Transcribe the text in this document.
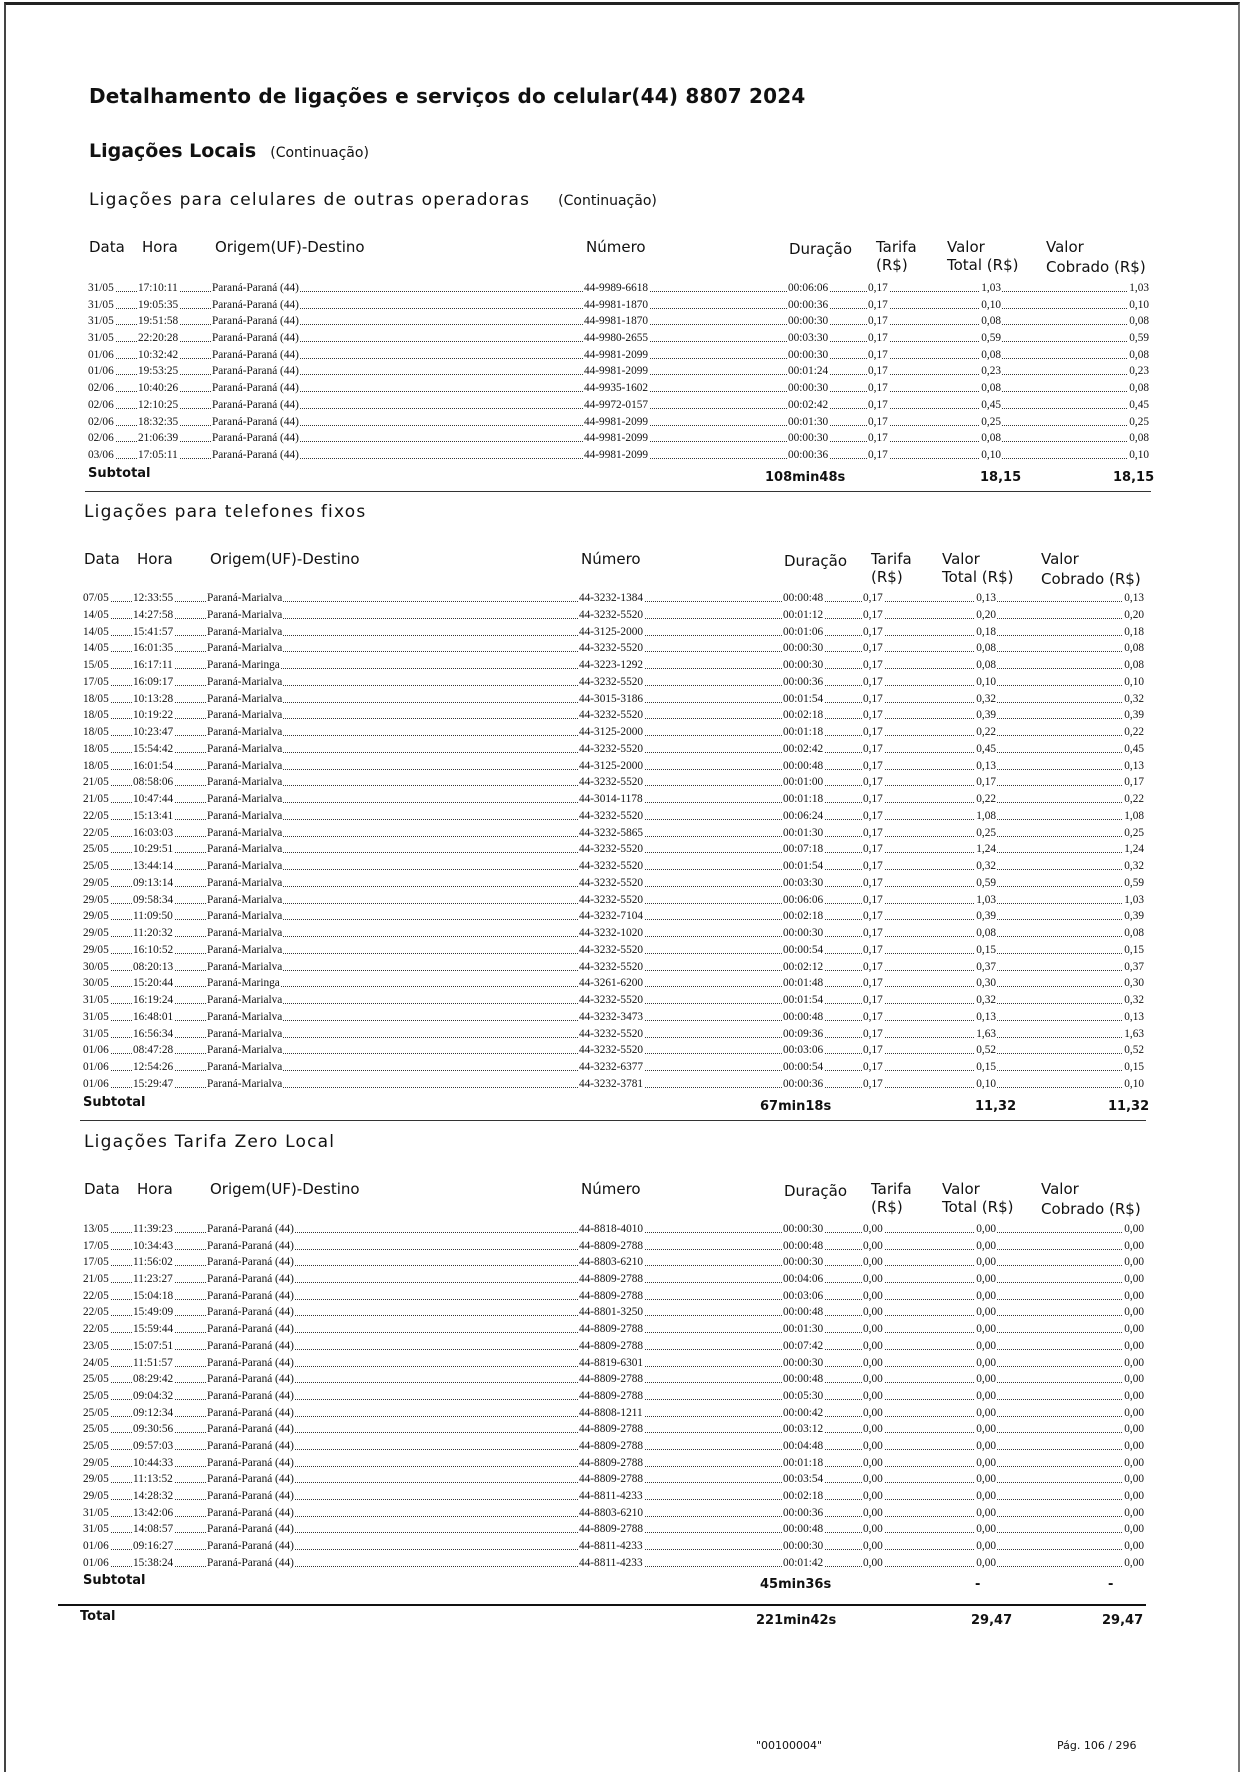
Detalhamento de ligações e serviços do celular(44) 8807 2024
Ligações Locais (Continuação)
Ligações para celulares de outras operadoras (Continuação)
Data Hora Origem(UF)-Destino	Número	Duração Tarifa
(R$)
Valor
Total (R$)
Valor
Cobrado (R$)
31/05 17:10:11	Paraná-Paraná (44)	44-9989-6618	00:06:06	0,17	1,03	1,03
31/05 19:05:35	Paraná-Paraná (44)	44-9981-1870	00:00:36	0,17	0,10	0,10
31/05 19:51:58	Paraná-Paraná (44)	44-9981-1870	00:00:30	0,17	0,08	0,08
31/05 22:20:28	Paraná-Paraná (44)	44-9980-2655	00:03:30	0,17	0,59	0,59
01/06 10:32:42	Paraná-Paraná (44)	44-9981-2099	00:00:30	0,17	0,08	0,08
01/06 19:53:25	Paraná-Paraná (44)	44-9981-2099	00:01:24	0,17	0,23	0,23
02/06 10:40:26	Paraná-Paraná (44)	44-9935-1602	00:00:30	0,17	0,08	0,08
02/06 12:10:25	Paraná-Paraná (44)	44-9972-0157	00:02:42	0,17	0,45	0,45
02/06 18:32:35	Paraná-Paraná (44)	44-9981-2099	00:01:30	0,17	0,25	0,25
02/06 21:06:39	Paraná-Paraná (44)	44-9981-2099	00:00:30	0,17	0,08	0,08
03/06 17:05:11	Paraná-Paraná (44)	44-9981-2099	00:00:36	0,17	0,10	0,10
Subtotal	108min48s	18,15	18,15
Ligações para telefones fixos
Data Hora Origem(UF)-Destino	Número	Duração Tarifa
(R$)
Valor
Total (R$)
Valor
Cobrado (R$)
07/05 12:33:55	Paraná-Marialva	44-3232-1384	00:00:48	0,17	0,13	0,13
14/05 14:27:58	Paraná-Marialva	44-3232-5520	00:01:12	0,17	0,20	0,20
14/05 15:41:57	Paraná-Marialva	44-3125-2000	00:01:06	0,17	0,18	0,18
14/05 16:01:35	Paraná-Marialva	44-3232-5520	00:00:30	0,17	0,08	0,08
15/05 16:17:11	Paraná-Maringa	44-3223-1292	00:00:30	0,17	0,08	0,08
17/05 16:09:17	Paraná-Marialva	44-3232-5520	00:00:36	0,17	0,10	0,10
18/05 10:13:28	Paraná-Marialva	44-3015-3186	00:01:54	0,17	0,32	0,32
18/05 10:19:22	Paraná-Marialva	44-3232-5520	00:02:18	0,17	0,39	0,39
18/05 10:23:47	Paraná-Marialva	44-3125-2000	00:01:18	0,17	0,22	0,22
18/05 15:54:42	Paraná-Marialva	44-3232-5520	00:02:42	0,17	0,45	0,45
18/05 16:01:54	Paraná-Marialva	44-3125-2000	00:00:48	0,17	0,13	0,13
21/05 08:58:06	Paraná-Marialva	44-3232-5520	00:01:00	0,17	0,17	0,17
21/05 10:47:44	Paraná-Marialva	44-3014-1178	00:01:18	0,17	0,22	0,22
22/05 15:13:41	Paraná-Marialva	44-3232-5520	00:06:24	0,17	1,08	1,08
22/05 16:03:03	Paraná-Marialva	44-3232-5865	00:01:30	0,17	0,25	0,25
25/05 10:29:51	Paraná-Marialva	44-3232-5520	00:07:18	0,17	1,24	1,24
25/05 13:44:14	Paraná-Marialva	44-3232-5520	00:01:54	0,17	0,32	0,32
29/05 09:13:14	Paraná-Marialva	44-3232-5520	00:03:30	0,17	0,59	0,59
29/05 09:58:34	Paraná-Marialva	44-3232-5520	00:06:06	0,17	1,03	1,03
29/05 11:09:50	Paraná-Marialva	44-3232-7104	00:02:18	0,17	0,39	0,39
29/05 11:20:32	Paraná-Marialva	44-3232-1020	00:00:30	0,17	0,08	0,08
29/05 16:10:52	Paraná-Marialva	44-3232-5520	00:00:54	0,17	0,15	0,15
30/05 08:20:13	Paraná-Marialva	44-3232-5520	00:02:12	0,17	0,37	0,37
30/05 15:20:44	Paraná-Maringa	44-3261-6200	00:01:48	0,17	0,30	0,30
31/05 16:19:24	Paraná-Marialva	44-3232-5520	00:01:54	0,17	0,32	0,32
31/05 16:48:01	Paraná-Marialva	44-3232-3473	00:00:48	0,17	0,13	0,13
31/05 16:56:34	Paraná-Marialva	44-3232-5520	00:09:36	0,17	1,63	1,63
01/06 08:47:28	Paraná-Marialva	44-3232-5520	00:03:06	0,17	0,52	0,52
01/06 12:54:26	Paraná-Marialva	44-3232-6377	00:00:54	0,17	0,15	0,15
01/06 15:29:47	Paraná-Marialva	44-3232-3781	00:00:36	0,17	0,10	0,10
Subtotal	67min18s	11,32	11,32
Ligações Tarifa Zero Local
Data Hora Origem(UF)-Destino	Número	Duração Tarifa
(R$)
Valor
Total (R$)
Valor
Cobrado (R$)
13/05 11:39:23	Paraná-Paraná (44)	44-8818-4010	00:00:30	0,00	0,00	0,00
17/05 10:34:43	Paraná-Paraná (44)	44-8809-2788	00:00:48	0,00	0,00	0,00
17/05 11:56:02	Paraná-Paraná (44)	44-8803-6210	00:00:30	0,00	0,00	0,00
21/05 11:23:27	Paraná-Paraná (44)	44-8809-2788	00:04:06	0,00	0,00	0,00
22/05 15:04:18	Paraná-Paraná (44)	44-8809-2788	00:03:06	0,00	0,00	0,00
22/05 15:49:09	Paraná-Paraná (44)	44-8801-3250	00:00:48	0,00	0,00	0,00
22/05 15:59:44	Paraná-Paraná (44)	44-8809-2788	00:01:30	0,00	0,00	0,00
23/05 15:07:51	Paraná-Paraná (44)	44-8809-2788	00:07:42	0,00	0,00	0,00
24/05 11:51:57	Paraná-Paraná (44)	44-8819-6301	00:00:30	0,00	0,00	0,00
25/05 08:29:42	Paraná-Paraná (44)	44-8809-2788	00:00:48	0,00	0,00	0,00
25/05 09:04:32	Paraná-Paraná (44)	44-8809-2788	00:05:30	0,00	0,00	0,00
25/05 09:12:34	Paraná-Paraná (44)	44-8808-1211	00:00:42	0,00	0,00	0,00
25/05 09:30:56	Paraná-Paraná (44)	44-8809-2788	00:03:12	0,00	0,00	0,00
25/05 09:57:03	Paraná-Paraná (44)	44-8809-2788	00:04:48	0,00	0,00	0,00
29/05 10:44:33	Paraná-Paraná (44)	44-8809-2788	00:01:18	0,00	0,00	0,00
29/05 11:13:52	Paraná-Paraná (44)	44-8809-2788	00:03:54	0,00	0,00	0,00
29/05 14:28:32	Paraná-Paraná (44)	44-8811-4233	00:02:18	0,00	0,00	0,00
31/05 13:42:06	Paraná-Paraná (44)	44-8803-6210	00:00:36	0,00	0,00	0,00
31/05 14:08:57	Paraná-Paraná (44)	44-8809-2788	00:00:48	0,00	0,00	0,00
01/06 09:16:27	Paraná-Paraná (44)	44-8811-4233	00:00:30	0,00	0,00	0,00
01/06 15:38:24	Paraná-Paraná (44)	44-8811-4233	00:01:42	0,00	0,00	0,00
Subtotal	45min36s	-	-
Total	221min42s	29,47	29,47
"00100004"	Pág. 106 / 296
